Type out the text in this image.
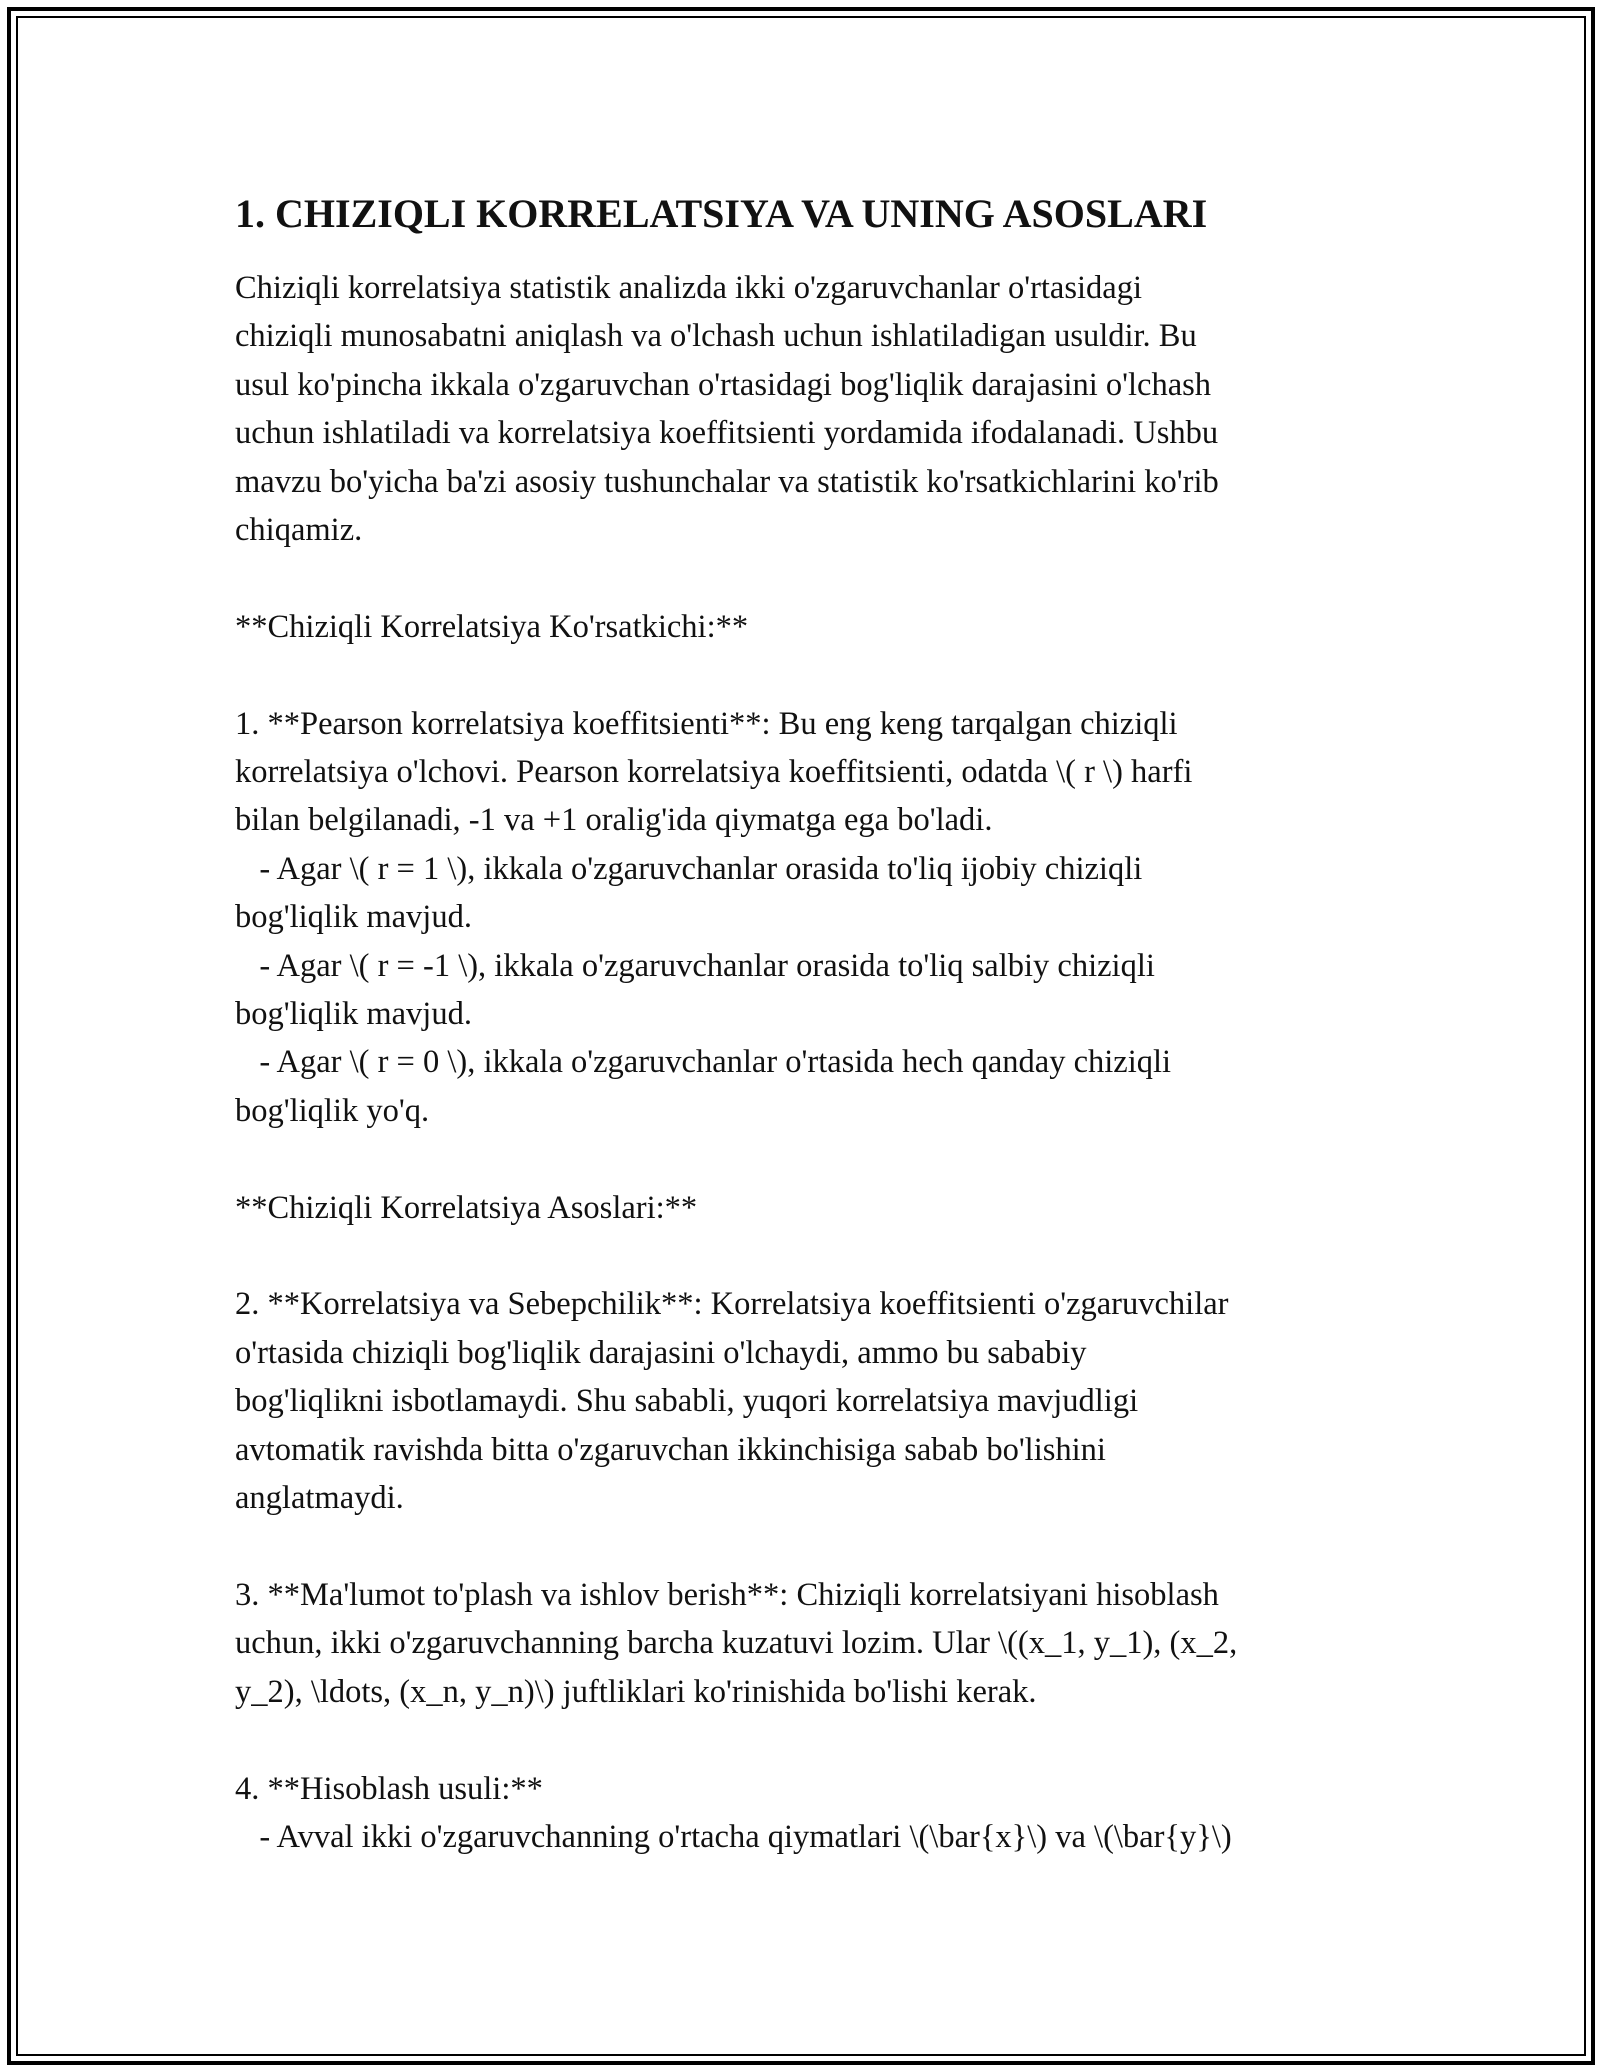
1. CHIZIQLI KORRELATSIYA VA UNING ASOSLARI

Chiziqli korrelatsiya statistik analizda ikki o'zgaruvchanlar o'rtasidagi
chiziqli munosabatni aniqlash va o'lchash uchun ishlatiladigan usuldir. Bu
usul ko'pincha ikkala o'zgaruvchan o'rtasidagi bog'liqlik darajasini o'lchash
uchun ishlatiladi va korrelatsiya koeffitsienti yordamida ifodalanadi. Ushbu
mavzu bo'yicha ba'zi asosiy tushunchalar va statistik ko'rsatkichlarini ko'rib
chiqamiz.

**Chiziqli Korrelatsiya Ko'rsatkichi:**

1. **Pearson korrelatsiya koeffitsienti**: Bu eng keng tarqalgan chiziqli
korrelatsiya o'lchovi. Pearson korrelatsiya koeffitsienti, odatda \( r \) harfi
bilan belgilanadi, -1 va +1 oralig'ida qiymatga ega bo'ladi.

- Agar \( r = 1 \), ikkala o'zgaruvchanlar orasida to'liq ijobiy chiziqli
bog'liqlik mavjud.

- Agar \( r = -1 \), ikkala o'zgaruvchanlar orasida to'liq salbiy chiziqli
bog'liqlik mavjud.

- Agar \( r = 0 \), ikkala o'zgaruvchanlar o'rtasida hech qanday chiziqli
bog'liqlik yo'q.

**Chiziqli Korrelatsiya Asoslari:**

2. **Korrelatsiya va Sebepchilik**: Korrelatsiya koeffitsienti o'zgaruvchilar
o'rtasida chiziqli bog'liqlik darajasini o'lchaydi, ammo bu sababiy
bog'liqlikni isbotlamaydi. Shu sababli, yuqori korrelatsiya mavjudligi
avtomatik ravishda bitta o'zgaruvchan ikkinchisiga sabab bo'lishini
anglatmaydi.

3. **Ma'lumot to'plash va ishlov berish**: Chiziqli korrelatsiyani hisoblash
uchun, ikki o'zgaruvchanning barcha kuzatuvi lozim. Ular \((x_1, y_1), (x_2,
y_2), \ldots, (x_n, y_n)\) juftliklari ko'rinishida bo'lishi kerak.

4. **Hisoblash usuli:**

- Avval ikki o'zgaruvchanning o'rtacha qiymatlari \(\bar{x}\) va \(\bar{y}\)
